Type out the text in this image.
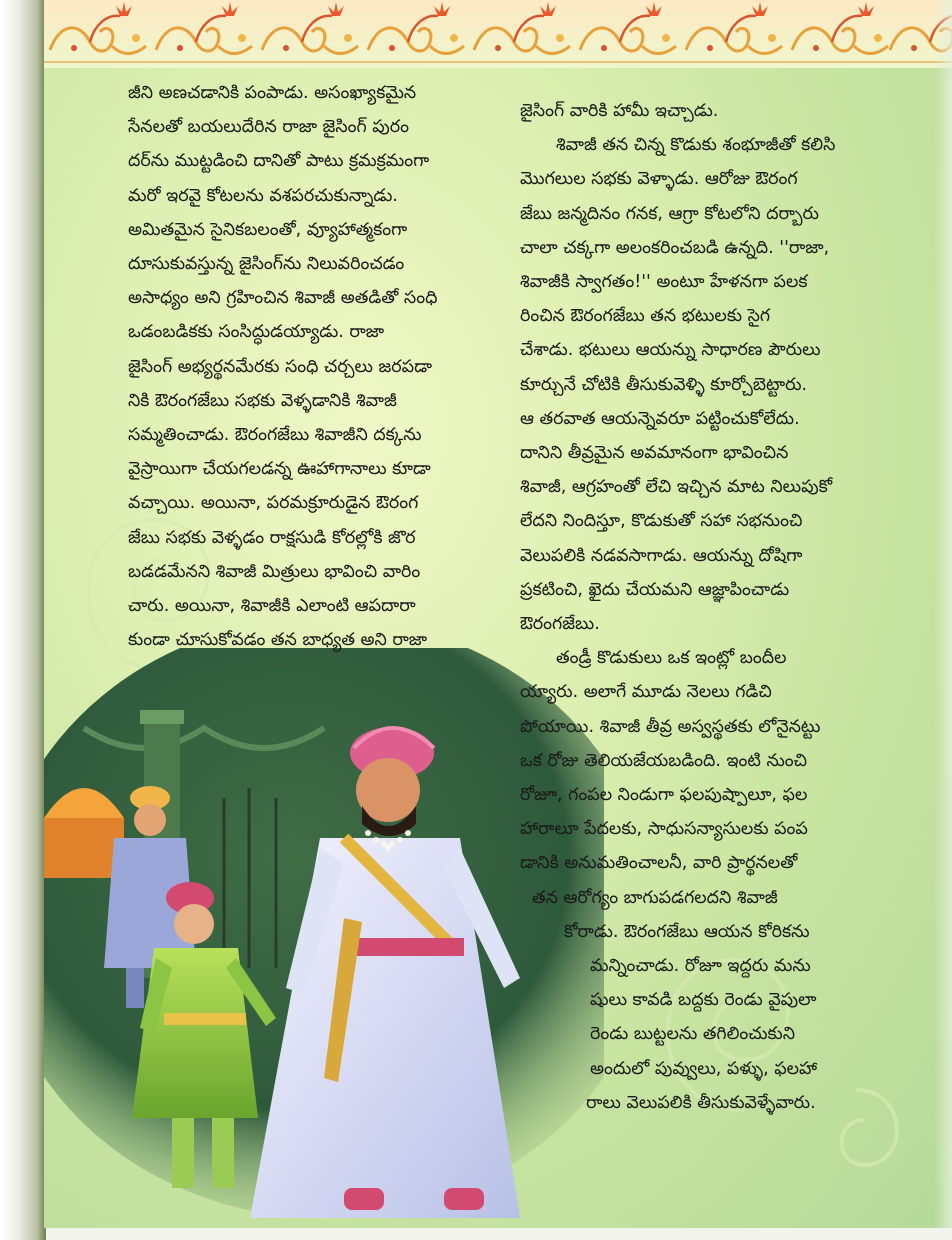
జీని అణచడానికి పంపాడు. అసంఖ్యాకమైన
సేనలతో బయలుదేరిన రాజా జైసింగ్ పురం
దర్‌ను ముట్టడించి దానితో పాటు క్రమక్రమంగా
మరో ఇరవై కోటలను వశపరచుకున్నాడు.
అమితమైన సైనికబలంతో, వ్యూహాత్మకంగా
దూసుకువస్తున్న జైసింగ్‌ను నిలువరించడం
అసాధ్యం అని గ్రహించిన శివాజీ అతడితో సంధి
ఒడంబడికకు సంసిద్ధుడయ్యాడు. రాజా
జైసింగ్ అభ్యర్థనమేరకు సంధి చర్చలు జరపడా
నికి ఔరంగజేబు సభకు వెళ్ళడానికి శివాజీ
సమ్మతించాడు. ఔరంగజేబు శివాజీని దక్కను
వైస్రాయిగా చేయగలడన్న ఊహాగానాలు కూడా
వచ్చాయి. అయినా, పరమక్రూరుడైన ఔరంగ
జేబు సభకు వెళ్ళడం రాక్షసుడి కోరల్లోకి జొర
బడడమేనని శివాజీ మిత్రులు భావించి వారిం
చారు. అయినా, శివాజీకి ఎలాంటి ఆపదారా
కుండా చూసుకోవడం తన బాధ్యత అని రాజా
జైసింగ్ వారికి హామీ ఇచ్చాడు.
శివాజీ తన చిన్న కొడుకు శంభూజీతో కలిసి
మొగలుల సభకు వెళ్ళాడు. ఆరోజు ఔరంగ
జేబు జన్మదినం గనక, ఆగ్రా కోటలోని దర్బారు
చాలా చక్కగా అలంకరించబడి ఉన్నది. ''రాజా,
శివాజీకి స్వాగతం!'' అంటూ హేళనగా పలక
రించిన ఔరంగజేబు తన భటులకు సైగ
చేశాడు. భటులు ఆయన్ను సాధారణ పౌరులు
కూర్చునే చోటికి తీసుకువెళ్ళి కూర్చోబెట్టారు.
ఆ తరవాత ఆయన్నెవరూ పట్టించుకోలేదు.
దానిని తీవ్రమైన అవమానంగా భావించిన
శివాజీ, ఆగ్రహంతో లేచి ఇచ్చిన మాట నిలుపుకో
లేదని నిందిస్తూ, కొడుకుతో సహా సభనుంచి
వెలుపలికి నడవసాగాడు. ఆయన్ను దోషిగా
ప్రకటించి, ఖైదు చేయమని ఆజ్ఞాపించాడు
ఔరంగజేబు.
తండ్రీ కొడుకులు ఒక ఇంట్లో బందీల
య్యారు. అలాగే మూడు నెలలు గడిచి
పోయాయి. శివాజీ తీవ్ర అస్వస్థతకు లోనైనట్టు
ఒక రోజు తెలియజేయబడింది. ఇంటి నుంచి
రోజూ, గంపల నిండుగా ఫలపుష్పాలూ, ఫల
హారాలూ పేదలకు, సాధుసన్యాసులకు పంప
డానికి అనుమతించాలనీ, వారి ప్రార్థనలతో
తన ఆరోగ్యం బాగుపడగలదని శివాజీ
కోరాడు. ఔరంగజేబు ఆయన కోరికను
మన్నించాడు. రోజూ ఇద్దరు మను
షులు కావడి బద్దకు రెండు వైపులా
రెండు బుట్టలను తగిలించుకుని
అందులో పువ్వులు, పళ్ళు, ఫలహా
రాలు వెలుపలికి తీసుకువెళ్ళేవారు.
